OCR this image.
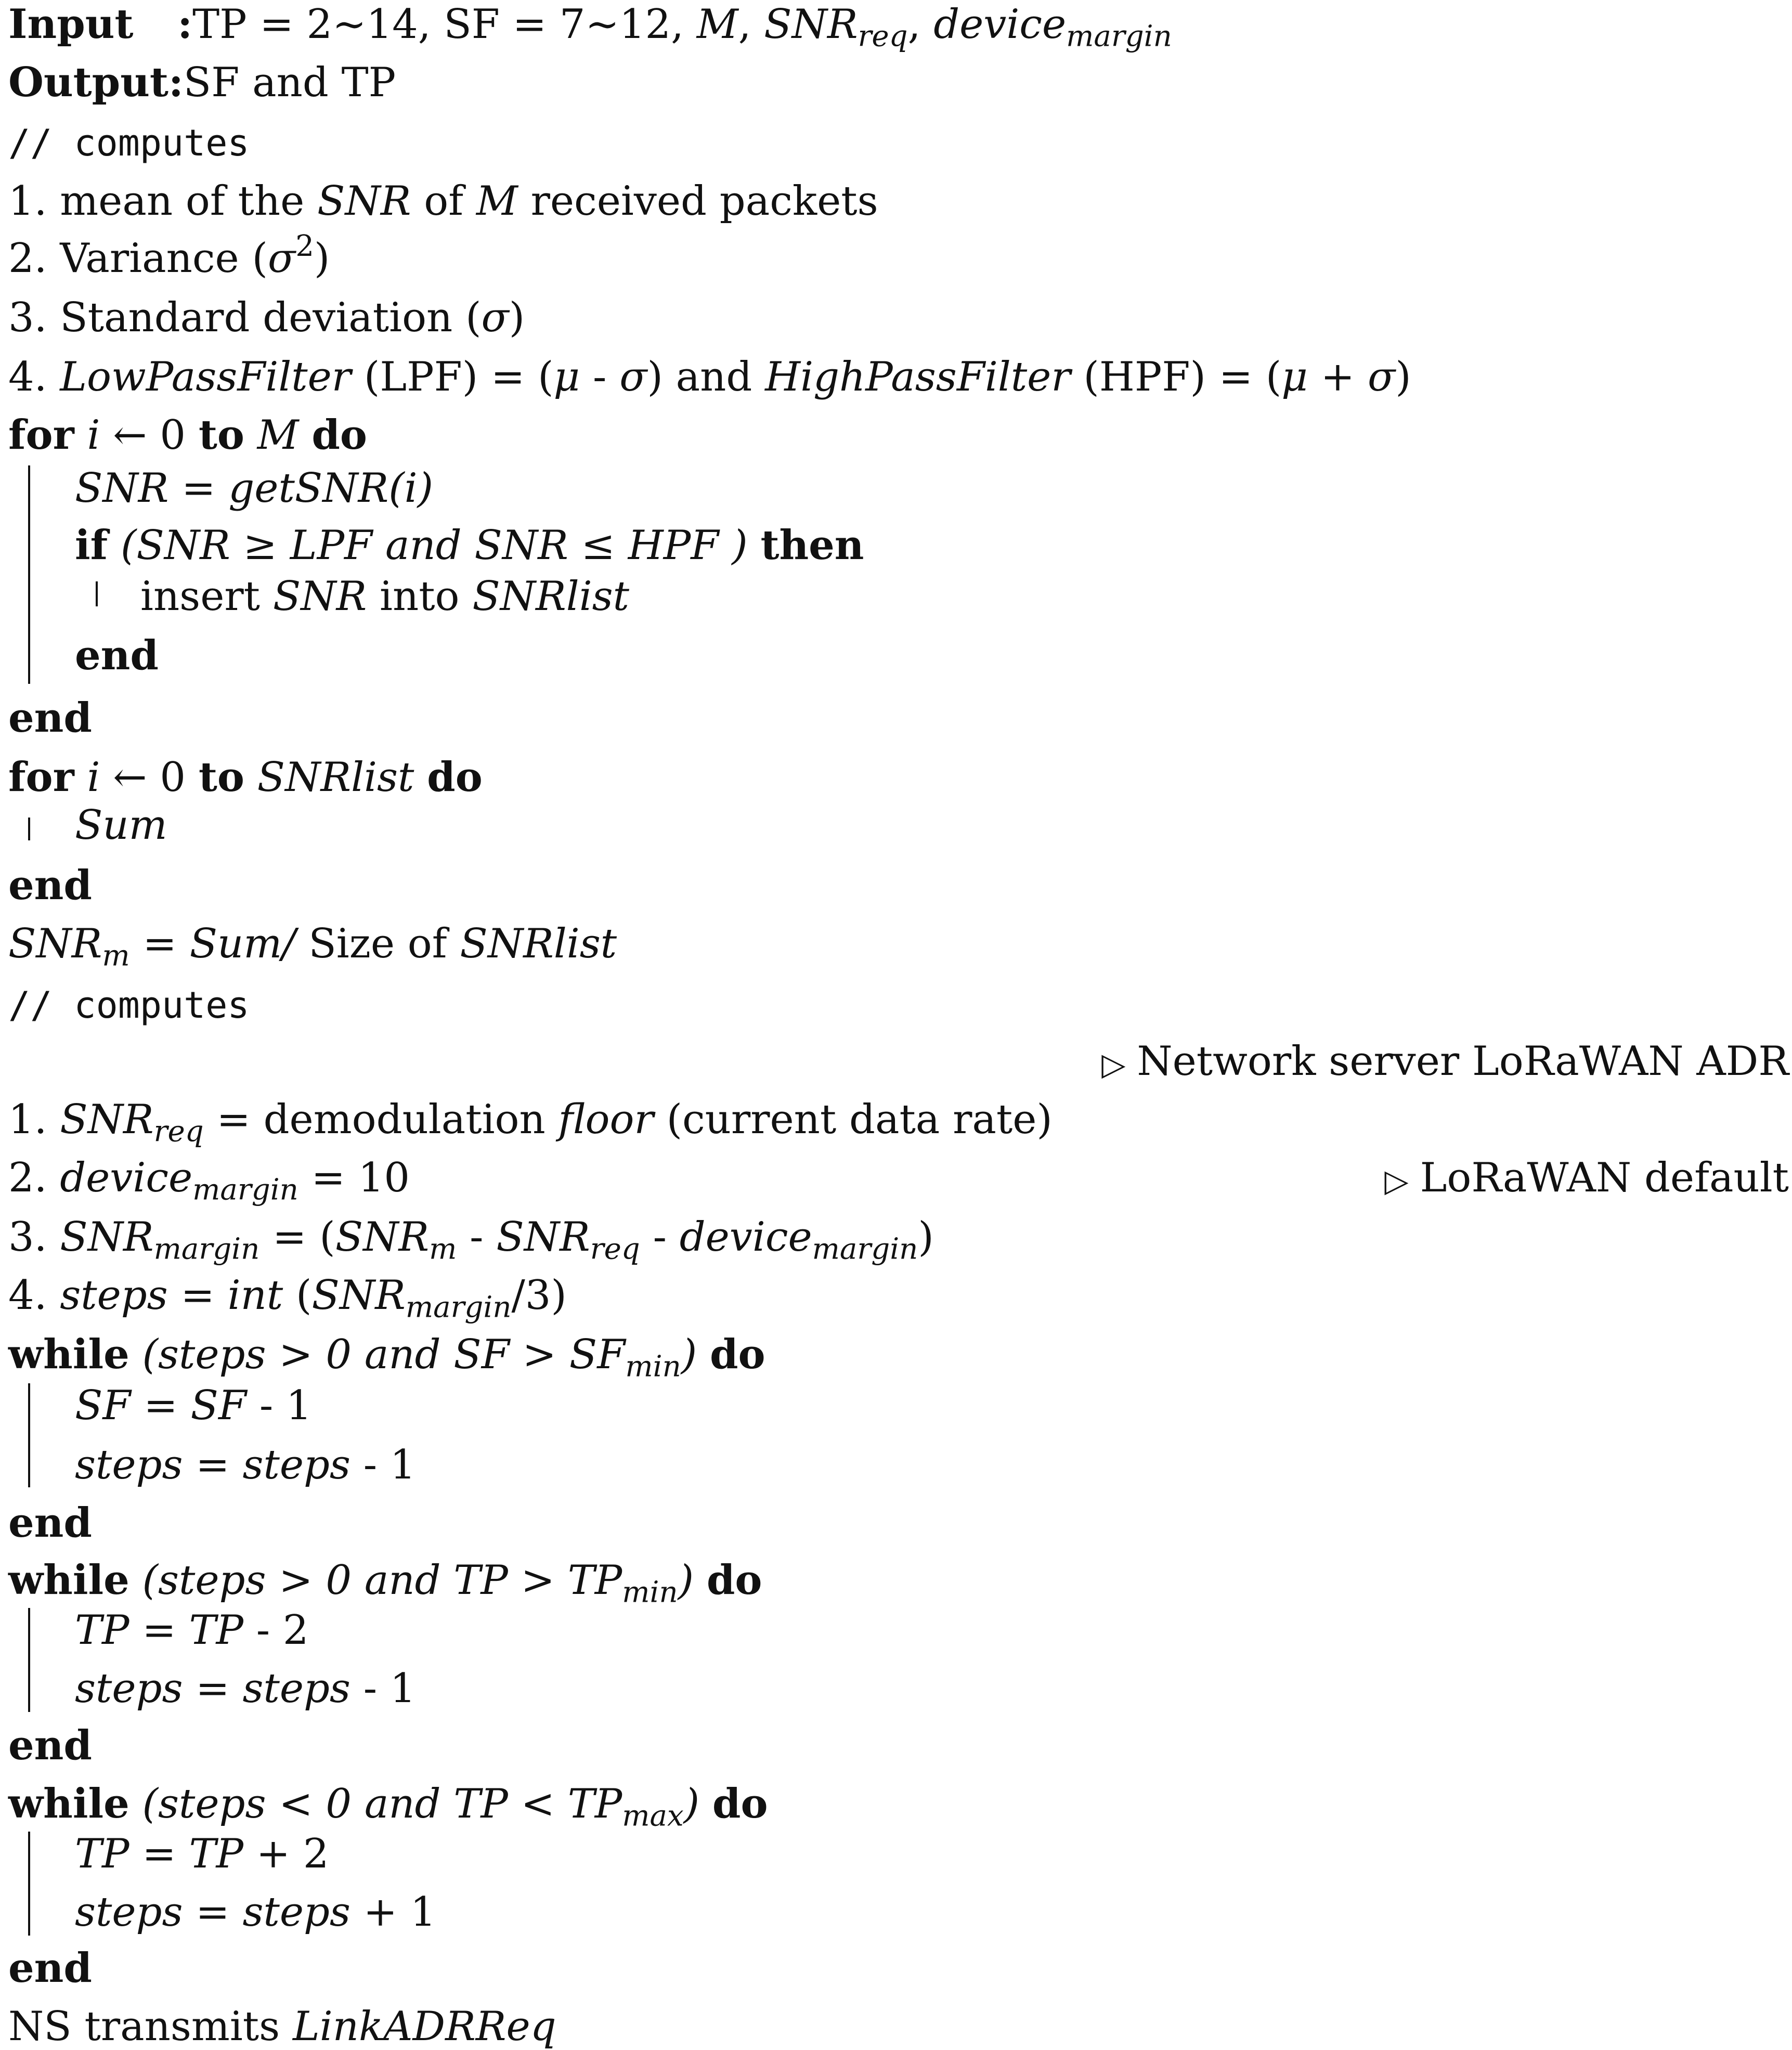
Input :TP = 2∼14, SF = 7∼12, M, $SNR_{req}$, device$_{margin}$
Output:SF and TP
// computes
1. mean of the SNR of M received packets
2. Variance $(\sigma^2)$
3. Standard deviation (σ)
4. LowPassFilter (LPF) = (μ - σ) and HighPassFilter (HPF) = (μ + σ)
for i ← 0 to M do
SNR = getSNR(i)
if (SNR ≥ LPF and SNR ≤ HPF ) then
insert SNR into SNRlist
end
end
for i ← 0 to SNRlist do
Sum
end
$SNR_m = Sum/$ Size of SNRlist
// computes
▷ Network server LoRaWAN ADR
1. $SNR_{req}$ = demodulation floor (current data rate)
2. device$_{margin}$ = 10	▷ LoRaWAN default
3. $SNR_{margin} = (SNR_m - SNR_{req}$ - device$_{margin}$)
4. steps = int $(SNR_{margin}/3)$
while (steps > 0 and SF > $SF_{min}$) do
SF = SF - 1
steps = steps - 1
end
while (steps > 0 and TP > $TP_{min}$) do
TP = TP - 2
steps = steps - 1
end
while (steps < 0 and TP < $TP_{max}$) do
TP = TP + 2
steps = steps + 1
end
NS transmits LinkADRReq
